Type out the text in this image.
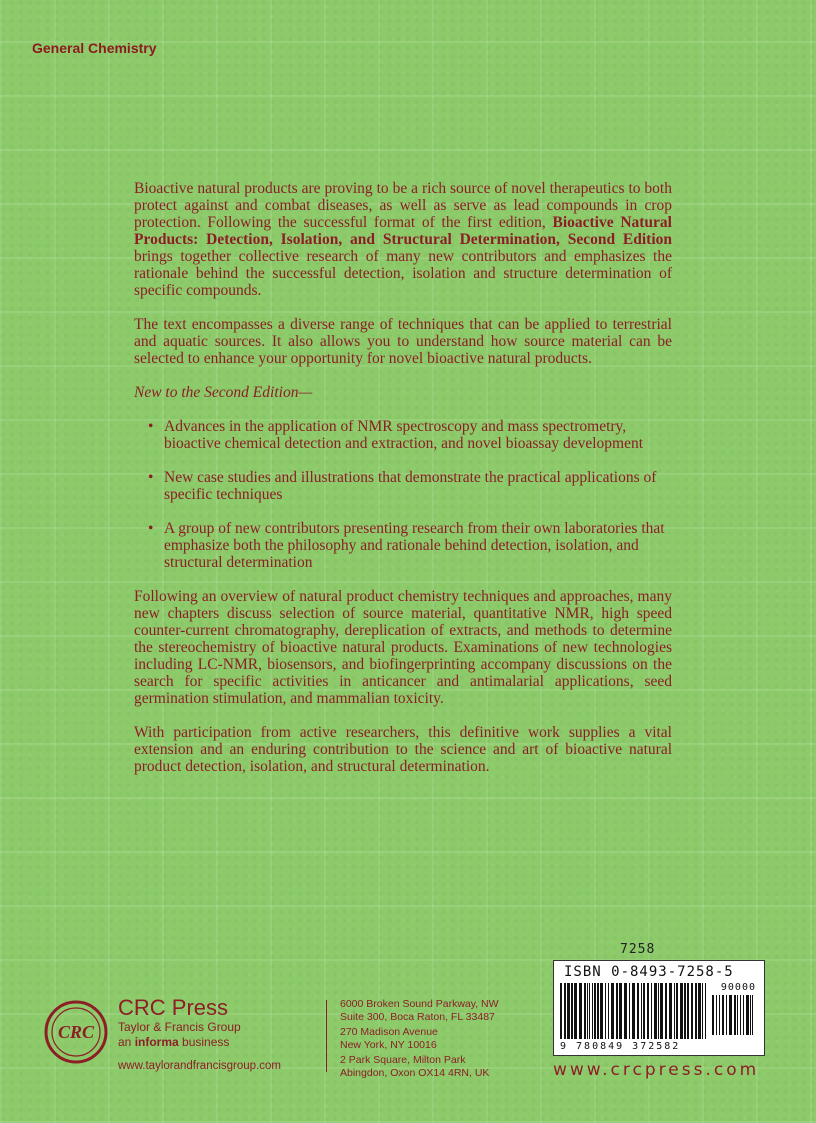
General Chemistry

Bioactive natural products are proving to be a rich source of novel therapeutics to both protect against and combat diseases, as well as serve as lead compounds in crop protection. Following the successful format of the first edition, Bioactive Natural Products: Detection, Isolation, and Structural Determination, Second Edition brings together collective research of many new contributors and emphasizes the rationale behind the successful detection, isolation and structure determination of specific compounds.

The text encompasses a diverse range of techniques that can be applied to terrestrial and aquatic sources. It also allows you to understand how source material can be selected to enhance your opportunity for novel bioactive natural products.

New to the Second Edition—

• Advances in the application of NMR spectroscopy and mass spectrometry, bioactive chemical detection and extraction, and novel bioassay development
• New case studies and illustrations that demonstrate the practical applications of specific techniques
• A group of new contributors presenting research from their own laboratories that emphasize both the philosophy and rationale behind detection, isolation, and structural determination

Following an overview of natural product chemistry techniques and approaches, many new chapters discuss selection of source material, quantitative NMR, high speed counter-current chromatography, dereplication of extracts, and methods to determine the stereochemistry of bioactive natural products. Examinations of new technologies including LC-NMR, biosensors, and biofingerprinting accompany discussions on the search for specific activities in anticancer and antimalarial applications, seed germination stimulation, and mammalian toxicity.

With participation from active researchers, this definitive work supplies a vital extension and an enduring contribution to the science and art of bioactive natural product detection, isolation, and structural determination.

7258
ISBN 0-8493-7258-5
90000
9 780849 372582
www.crcpress.com
CRC
CRC Press
Taylor & Francis Group
an informa business
www.taylorandfrancisgroup.com
6000 Broken Sound Parkway, NW
Suite 300, Boca Raton, FL 33487
270 Madison Avenue
New York, NY 10016
2 Park Square, Milton Park
Abingdon, Oxon OX14 4RN, UK
